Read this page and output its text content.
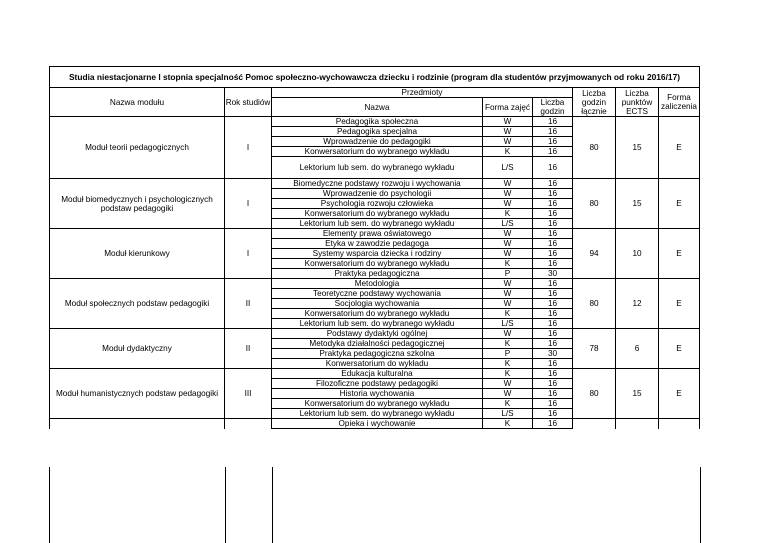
Studia niestacjonarne I stopnia specjalność Pomoc społeczno-wychowawcza dziecku i rodzinie (program dla studentów przyjmowanych od roku 2016/17)							
Nazwa modułu	Rok studiów	Przedmioty			Liczba godzin łącznie	Liczba punktów ECTS	Forma zaliczenia
		Nazwa	Forma zajęć	Liczba godzin			

Moduł teorii pedagogicznych	I	Pedagogika społeczna	W	16	80	15	E
		Pedagogika specjalna	W	16			
		Wprowadzenie do pedagogiki	W	16			
		Konwersatorium do wybranego wykładu	K	16			
		Lektorium lub sem. do wybranego wykładu	L/S	16			
Moduł biomedycznych i psychologicznych podstaw pedagogiki	I	Biomedyczne podstawy rozwoju i wychowania	W	16	80	15	E
		Wprowadzenie do psychologii	W	16			
		Psychologia rozwoju człowieka	W	16			
		Konwersatorium do wybranego wykładu	K	16			
		Lektorium lub sem. do wybranego wykładu	L/S	16			
Moduł kierunkowy	I	Elementy prawa oświatowego	W	16	94	10	E
		Etyka w zawodzie pedagoga	W	16			
		Systemy wsparcia dziecka i rodziny	W	16			
		Konwersatorium do wybranego wykładu	K	16			
		Praktyka pedagogiczna	P	30			
Moduł społecznych podstaw pedagogiki	II	Metodologia	W	16	80	12	E
		Teoretyczne podstawy wychowania	W	16			
		Socjologia wychowania	W	16			
		Konwersatorium do wybranego wykładu	K	16			
		Lektorium lub sem. do wybranego wykładu	L/S	16			
Moduł dydaktyczny	II	Podstawy dydaktyki ogólnej	W	16	78	6	E
		Metodyka działalności pedagogicznej	K	16			
		Praktyka pedagogiczna szkolna	P	30			
		Konwersatorium do wykładu	K	16			
Moduł humanistycznych podstaw pedagogiki	III	Edukacja kulturalna	K	16	80	15	E
		Filozoficzne podstawy pedagogiki	W	16			
		Historia wychowania	W	16			
		Konwersatorium do wybranego wykładu	K	16			
		Lektorium lub sem. do wybranego wykładu	L/S	16			
		Opieka i wychowanie	K	16			
